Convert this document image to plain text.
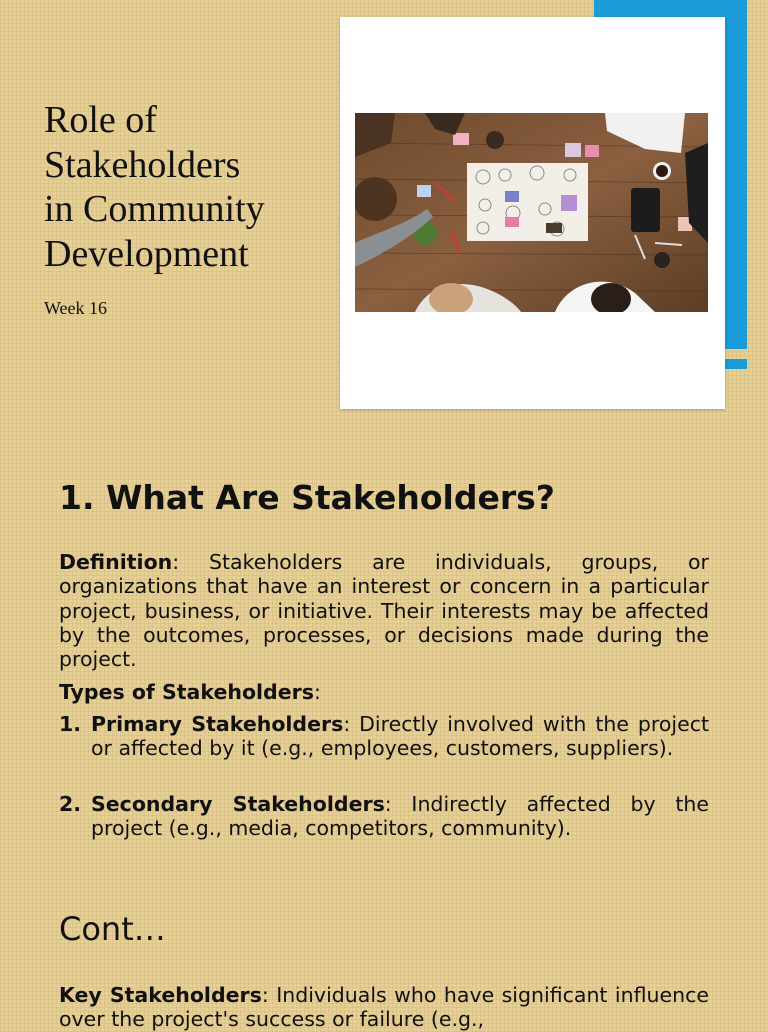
Role of
Stakeholders
in Community
Development
Week 16
1. What Are Stakeholders?
Definition: Stakeholders are individuals, groups, or organizations that have an interest or concern in a particular project, business, or initiative. Their interests may be affected by the outcomes, processes, or decisions made during the project.
Types of Stakeholders:
1. Primary Stakeholders: Directly involved with the project or affected by it (e.g., employees, customers, suppliers).
2. Secondary Stakeholders: Indirectly affected by the project (e.g., media, competitors, community).
Cont…
Key Stakeholders: Individuals who have significant influence over the project's success or failure (e.g.,
